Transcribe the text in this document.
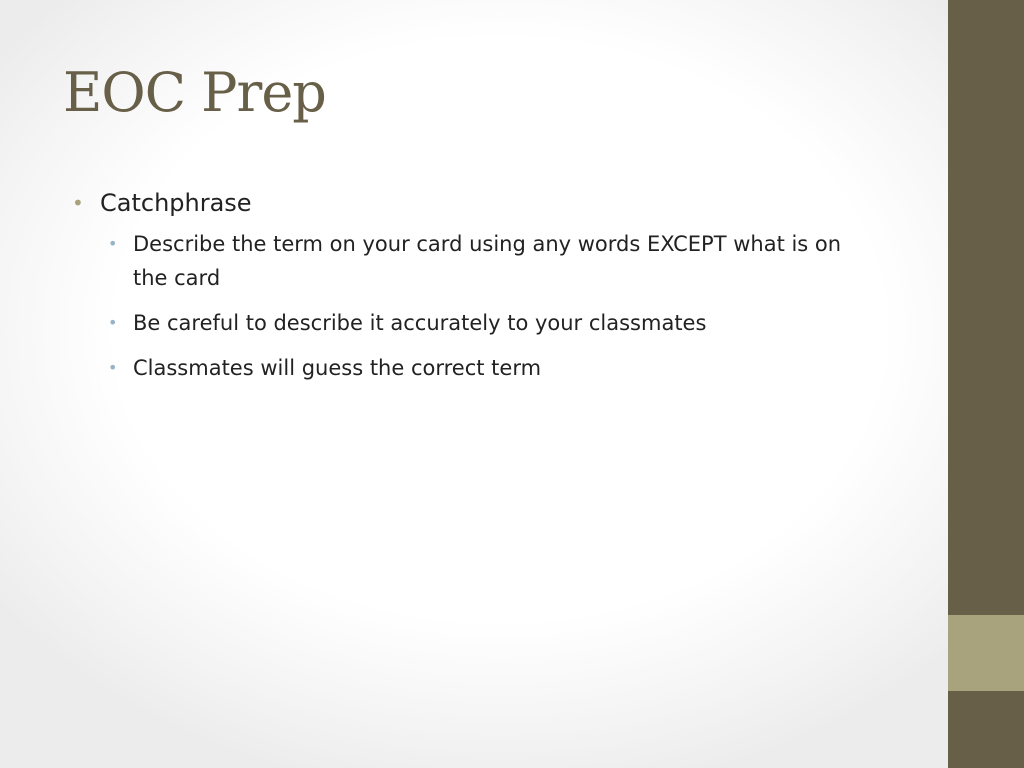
EOC Prep
• Catchphrase
• Describe the term on your card using any words EXCEPT what is on the card
• Be careful to describe it accurately to your classmates
• Classmates will guess the correct term
